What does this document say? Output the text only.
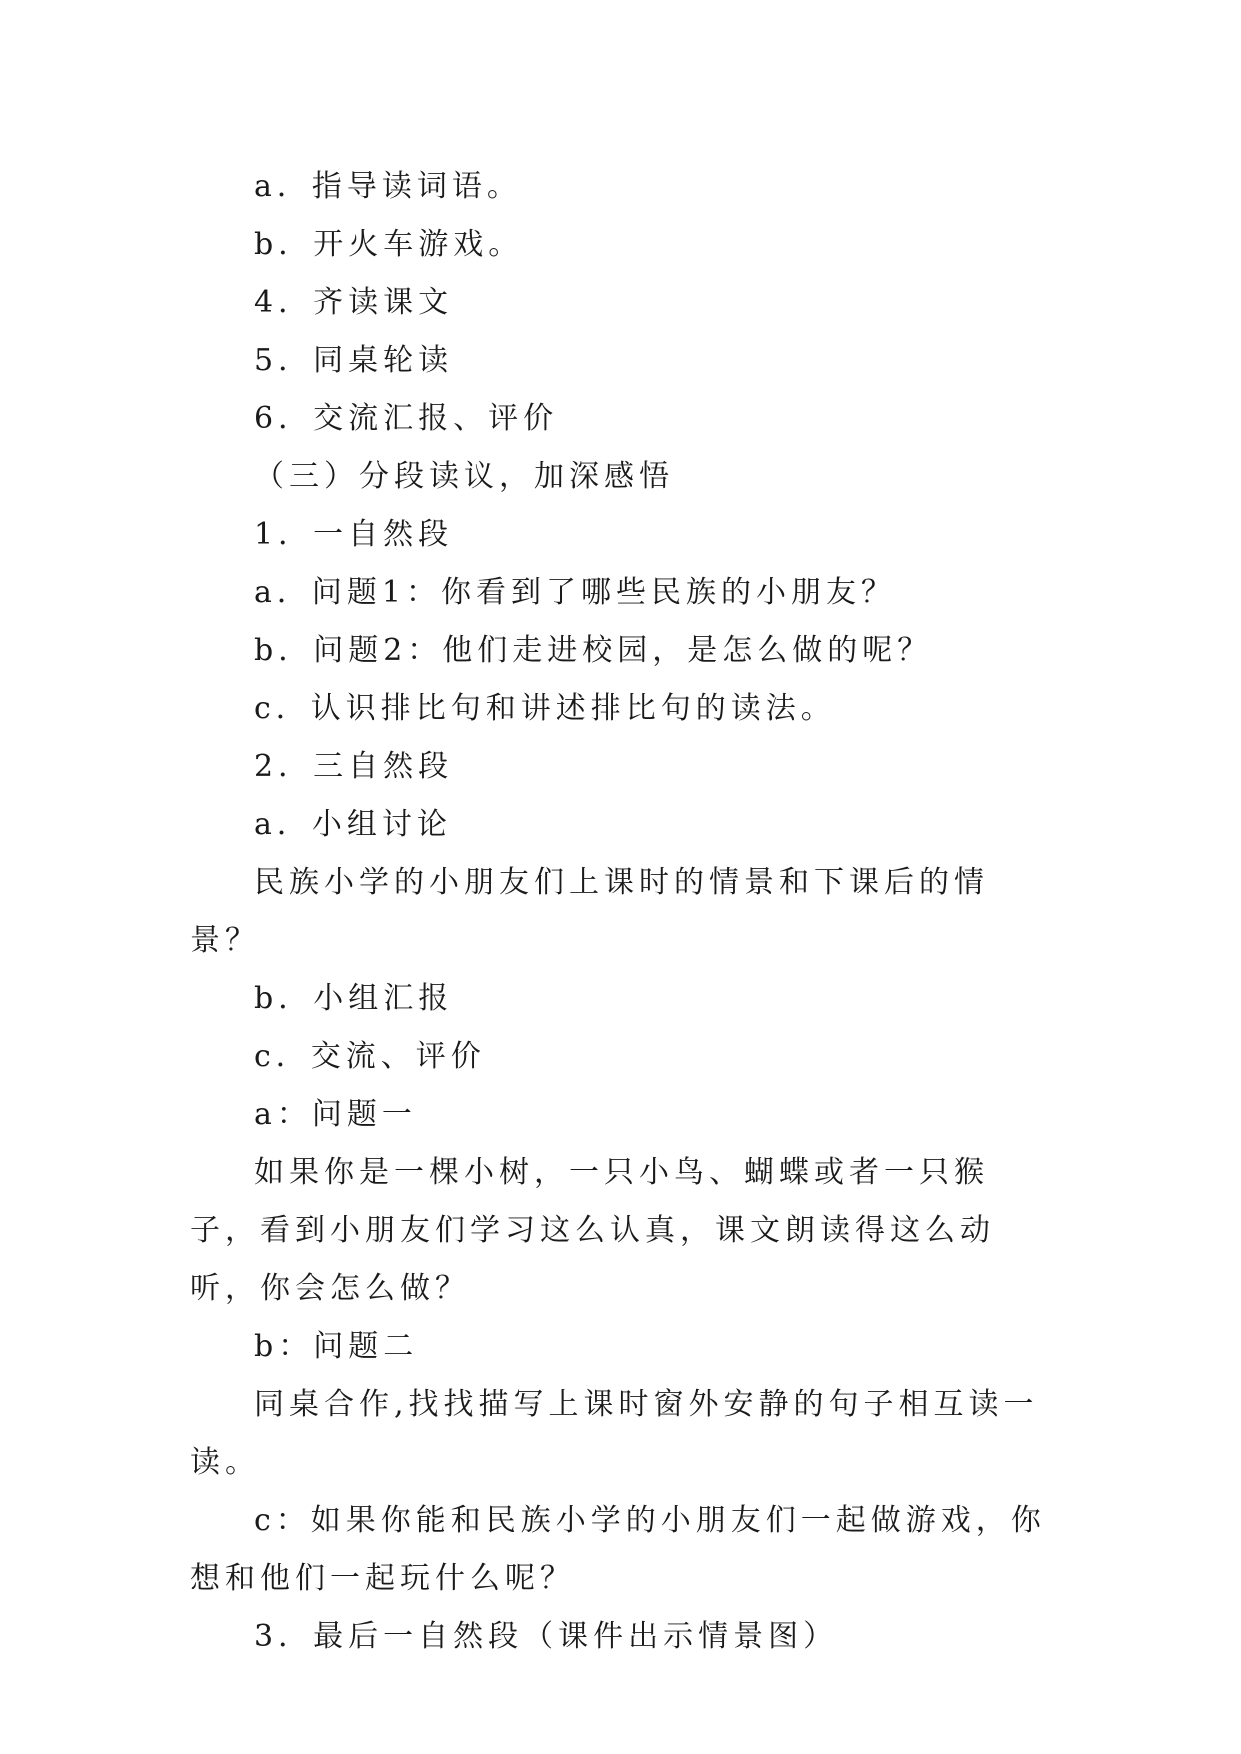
a．指导读词语。

b．开火车游戏。

4．齐读课文

5．同桌轮读

6．交流汇报、评价

（三）分段读议，加深感悟

1．一自然段

a．问题1：你看到了哪些民族的小朋友？

b．问题2：他们走进校园，是怎么做的呢？

c．认识排比句和讲述排比句的读法。

2．三自然段

a．小组讨论

民族小学的小朋友们上课时的情景和下课后的情景？

b．小组汇报

c．交流、评价

a：问题一

如果你是一棵小树，一只小鸟、蝴蝶或者一只猴子，看到小朋友们学习这么认真，课文朗读得这么动听，你会怎么做？

b：问题二

同桌合作,找找描写上课时窗外安静的句子相互读一读。

c：如果你能和民族小学的小朋友们一起做游戏，你想和他们一起玩什么呢？

3．最后一自然段（课件出示情景图）
